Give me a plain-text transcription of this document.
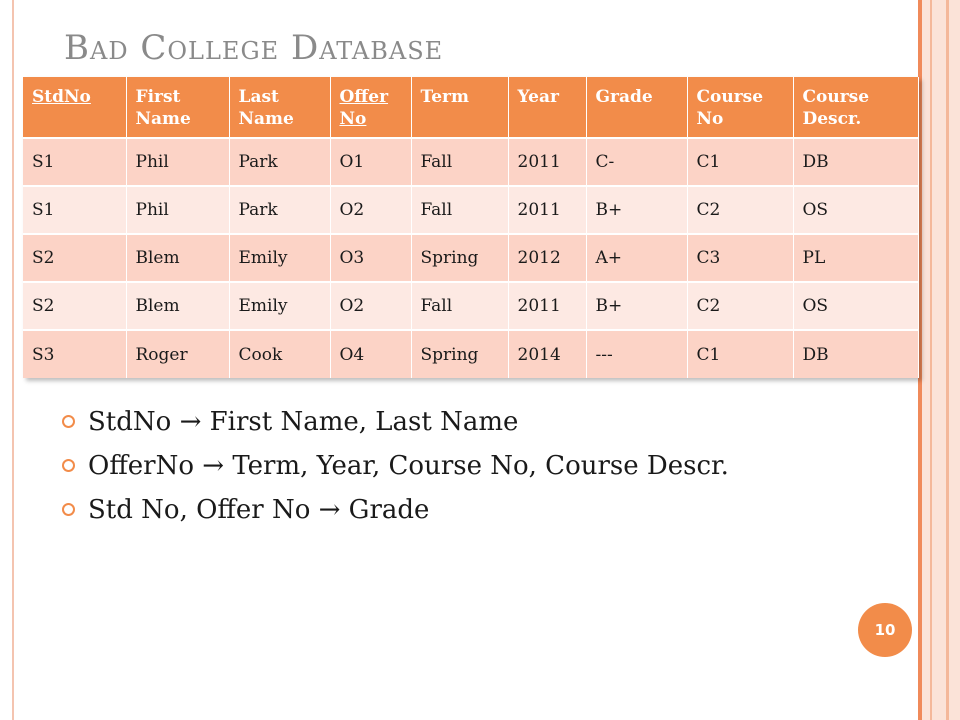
Bad College Database
StdNo	First Name	Last Name	Offer No	Term	Year	Grade	Course No	Course Descr.
S1	Phil	Park	O1	Fall	2011	C-	C1	DB
S1	Phil	Park	O2	Fall	2011	B+	C2	OS
S2	Blem	Emily	O3	Spring	2012	A+	C3	PL
S2	Blem	Emily	O2	Fall	2011	B+	C2	OS
S3	Roger	Cook	O4	Spring	2014	---	C1	DB
StdNo → First Name, Last Name
OfferNo → Term, Year, Course No, Course Descr.
Std No, Offer No → Grade
10
